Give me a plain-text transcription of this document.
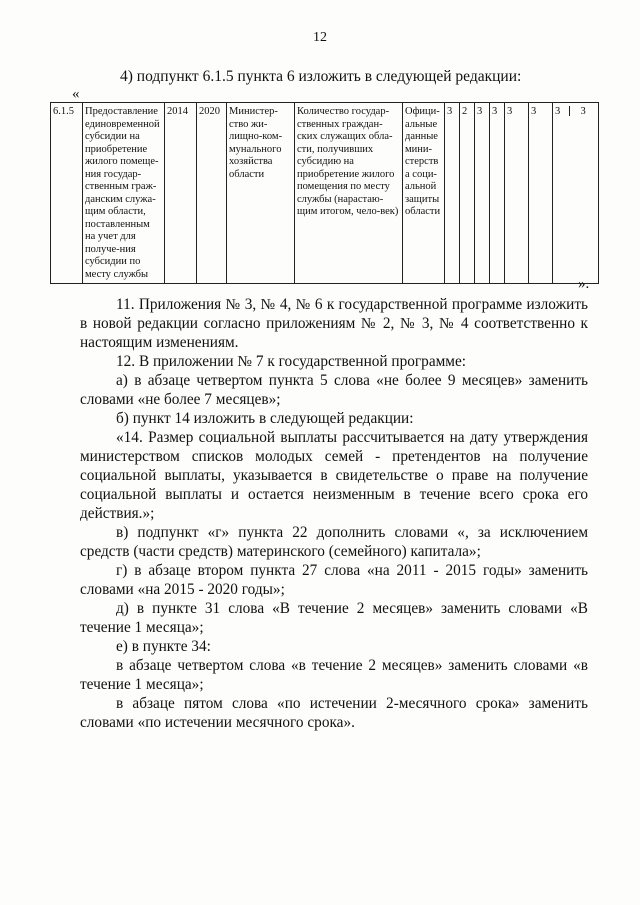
12
4) подпункт 6.1.5 пункта 6 изложить в следующей редакции:
«
6.1.5	Предоставление единовременной субсидии на приобретение жилого помеще-ния государ-ственным граж-данским служа-щим области, поставленным на учет для получе-ния субсидии по месту службы	2014	2020	Министер-ство жи-лищно-ком-мунального хозяйства области	Количество государ-ственных граждан-ских служащих обла-сти, получивших субсидию на приобретение жилого помещения по месту службы (нарастаю-щим итогом, чело-век)	Офици-альные данные мини-стерства соци-альной защиты области	3	2	3	3	3	3	3 3
».

11. Приложения № 3, № 4, № 6 к государственной программе изложить в новой редакции согласно приложениям № 2, № 3, № 4 соответственно к настоящим изменениям.

12. В приложении № 7 к государственной программе:

а) в абзаце четвертом пункта 5 слова «не более 9 месяцев» заменить словами «не более 7 месяцев»;

б) пункт 14 изложить в следующей редакции:

«14. Размер социальной выплаты рассчитывается на дату утверждения министерством списков молодых семей - претендентов на получение социальной выплаты, указывается в свидетельстве о праве на получение социальной выплаты и остается неизменным в течение всего срока его действия.»;

в) подпункт «г» пункта 22 дополнить словами «, за исключением средств (части средств) материнского (семейного) капитала»;

г) в абзаце втором пункта 27 слова «на 2011 - 2015 годы» заменить словами «на 2015 - 2020 годы»;

д) в пункте 31 слова «В течение 2 месяцев» заменить словами «В течение 1 месяца»;

е) в пункте 34:

в абзаце четвертом слова «в течение 2 месяцев» заменить словами «в течение 1 месяца»;

в абзаце пятом слова «по истечении 2-месячного срока» заменить словами «по истечении месячного срока».
